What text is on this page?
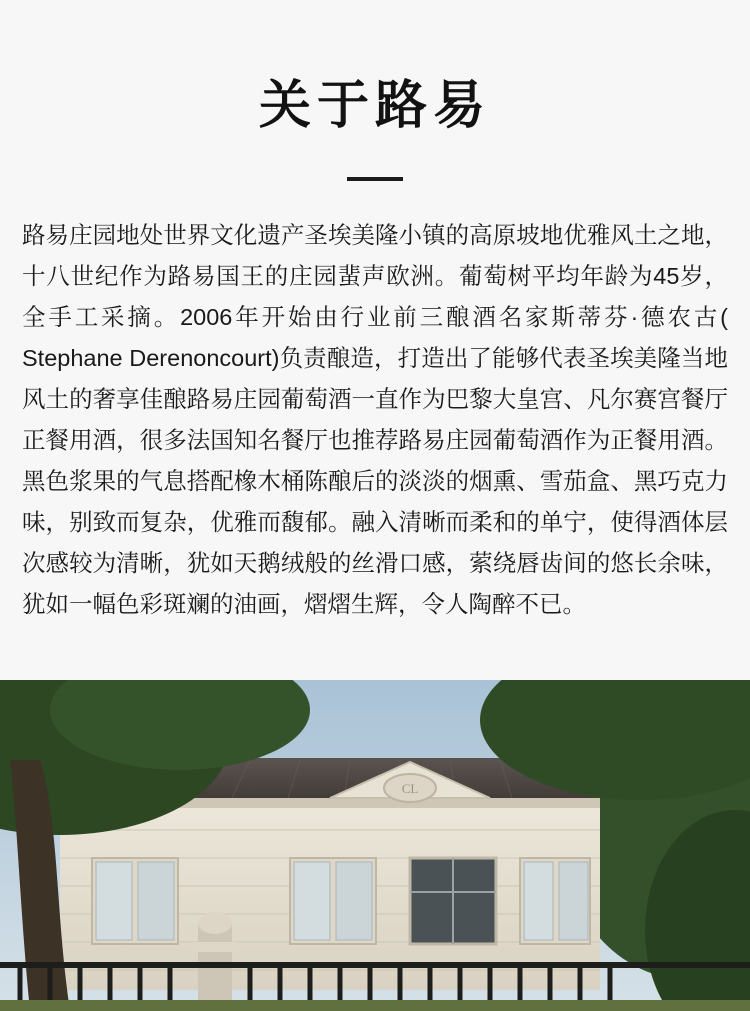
关于路易

路易庄园地处世界文化遗产圣埃美隆小镇的高原坡地优雅风土之地，十八世纪作为路易国王的庄园蜚声欧洲。葡萄树平均年龄为45岁，全手工采摘。2006年开始由行业前三酿酒名家斯蒂芬·德农古( Stephane Derenoncourt)负责酿造，打造出了能够代表圣埃美隆当地风土的奢享佳酿路易庄园葡萄酒一直作为巴黎大皇宫、凡尔赛宫餐厅正餐用酒，很多法国知名餐厅也推荐路易庄园葡萄酒作为正餐用酒。黑色浆果的气息搭配橡木桶陈酿后的淡淡的烟熏、雪茄盒、黑巧克力味，别致而复杂，优雅而馥郁。融入清晰而柔和的单宁，使得酒体层次感较为清晰，犹如天鹅绒般的丝滑口感，萦绕唇齿间的悠长余味，犹如一幅色彩斑斓的油画，熠熠生辉，令人陶醉不已。

CL
